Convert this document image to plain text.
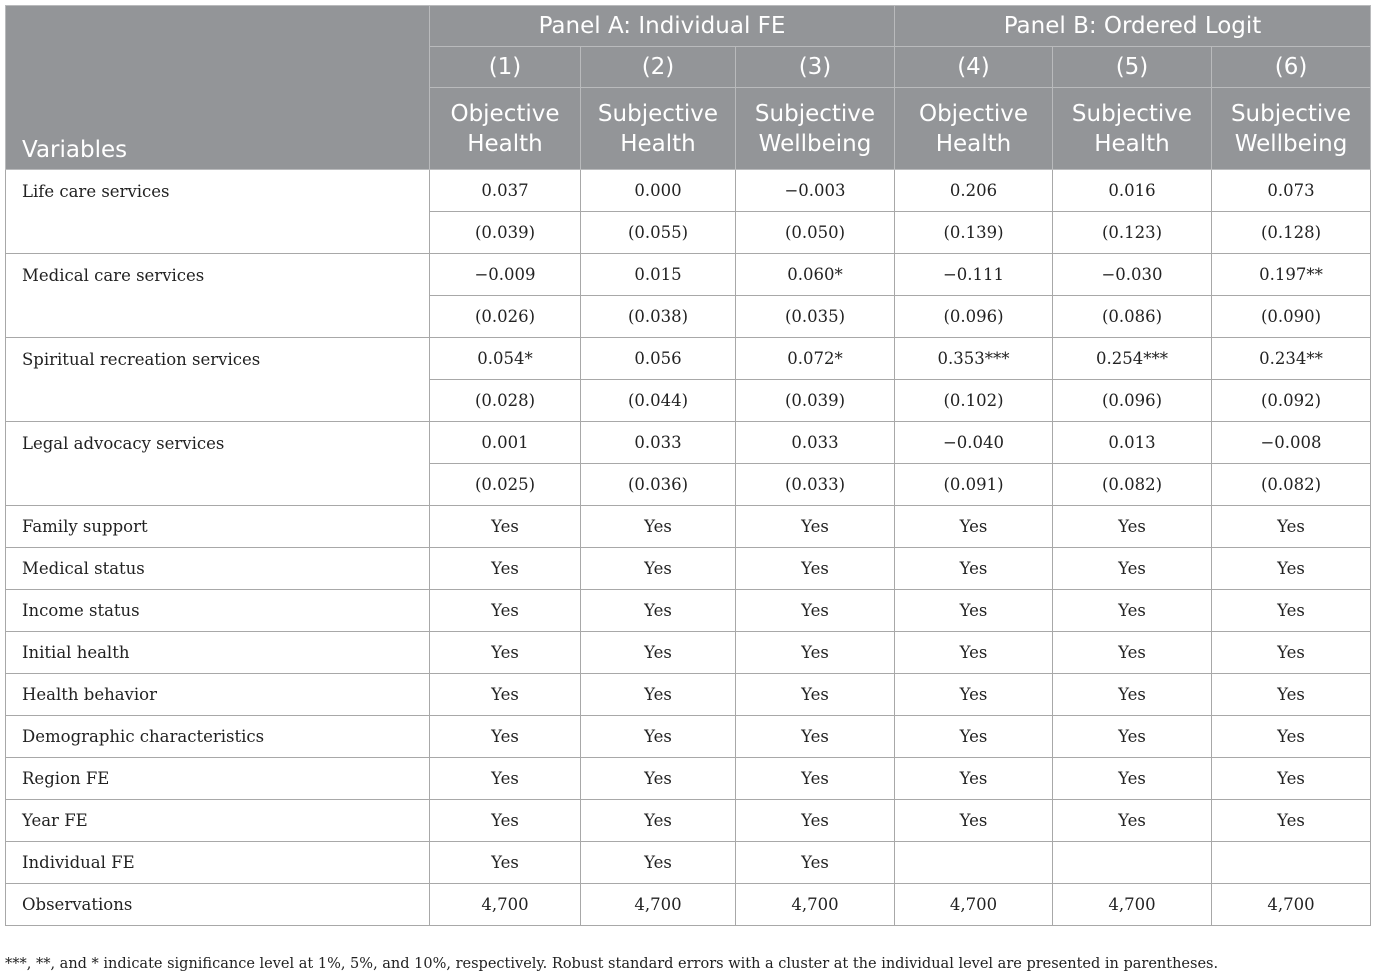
Variables	Panel A: Individual FE			Panel B: Ordered Logit		
	(1)	(2)	(3)	(4)	(5)	(6)
	Objective	Subjective	Subjective	Objective	Subjective	Subjective
	Health	Health	Wellbeing	Health	Health	Wellbeing
Life care services	0.037	0.000	−0.003	0.206	0.016	0.073
	(0.039)	(0.055)	(0.050)	(0.139)	(0.123)	(0.128)
Medical care services	−0.009	0.015	0.060*	−0.111	−0.030	0.197**
	(0.026)	(0.038)	(0.035)	(0.096)	(0.086)	(0.090)
Spiritual recreation services	0.054*	0.056	0.072*	0.353***	0.254***	0.234**
	(0.028)	(0.044)	(0.039)	(0.102)	(0.096)	(0.092)
Legal advocacy services	0.001	0.033	0.033	−0.040	0.013	−0.008
	(0.025)	(0.036)	(0.033)	(0.091)	(0.082)	(0.082)
Family support	Yes	Yes	Yes	Yes	Yes	Yes
Medical status	Yes	Yes	Yes	Yes	Yes	Yes
Income status	Yes	Yes	Yes	Yes	Yes	Yes
Initial health	Yes	Yes	Yes	Yes	Yes	Yes
Health behavior	Yes	Yes	Yes	Yes	Yes	Yes
Demographic characteristics	Yes	Yes	Yes	Yes	Yes	Yes
Region FE	Yes	Yes	Yes	Yes	Yes	Yes
Year FE	Yes	Yes	Yes	Yes	Yes	Yes
Individual FE	Yes	Yes	Yes			
Observations	4,700	4,700	4,700	4,700	4,700	4,700
***, **, and * indicate significance level at 1%, 5%, and 10%, respectively. Robust standard errors with a cluster at the individual level are presented in parentheses.
